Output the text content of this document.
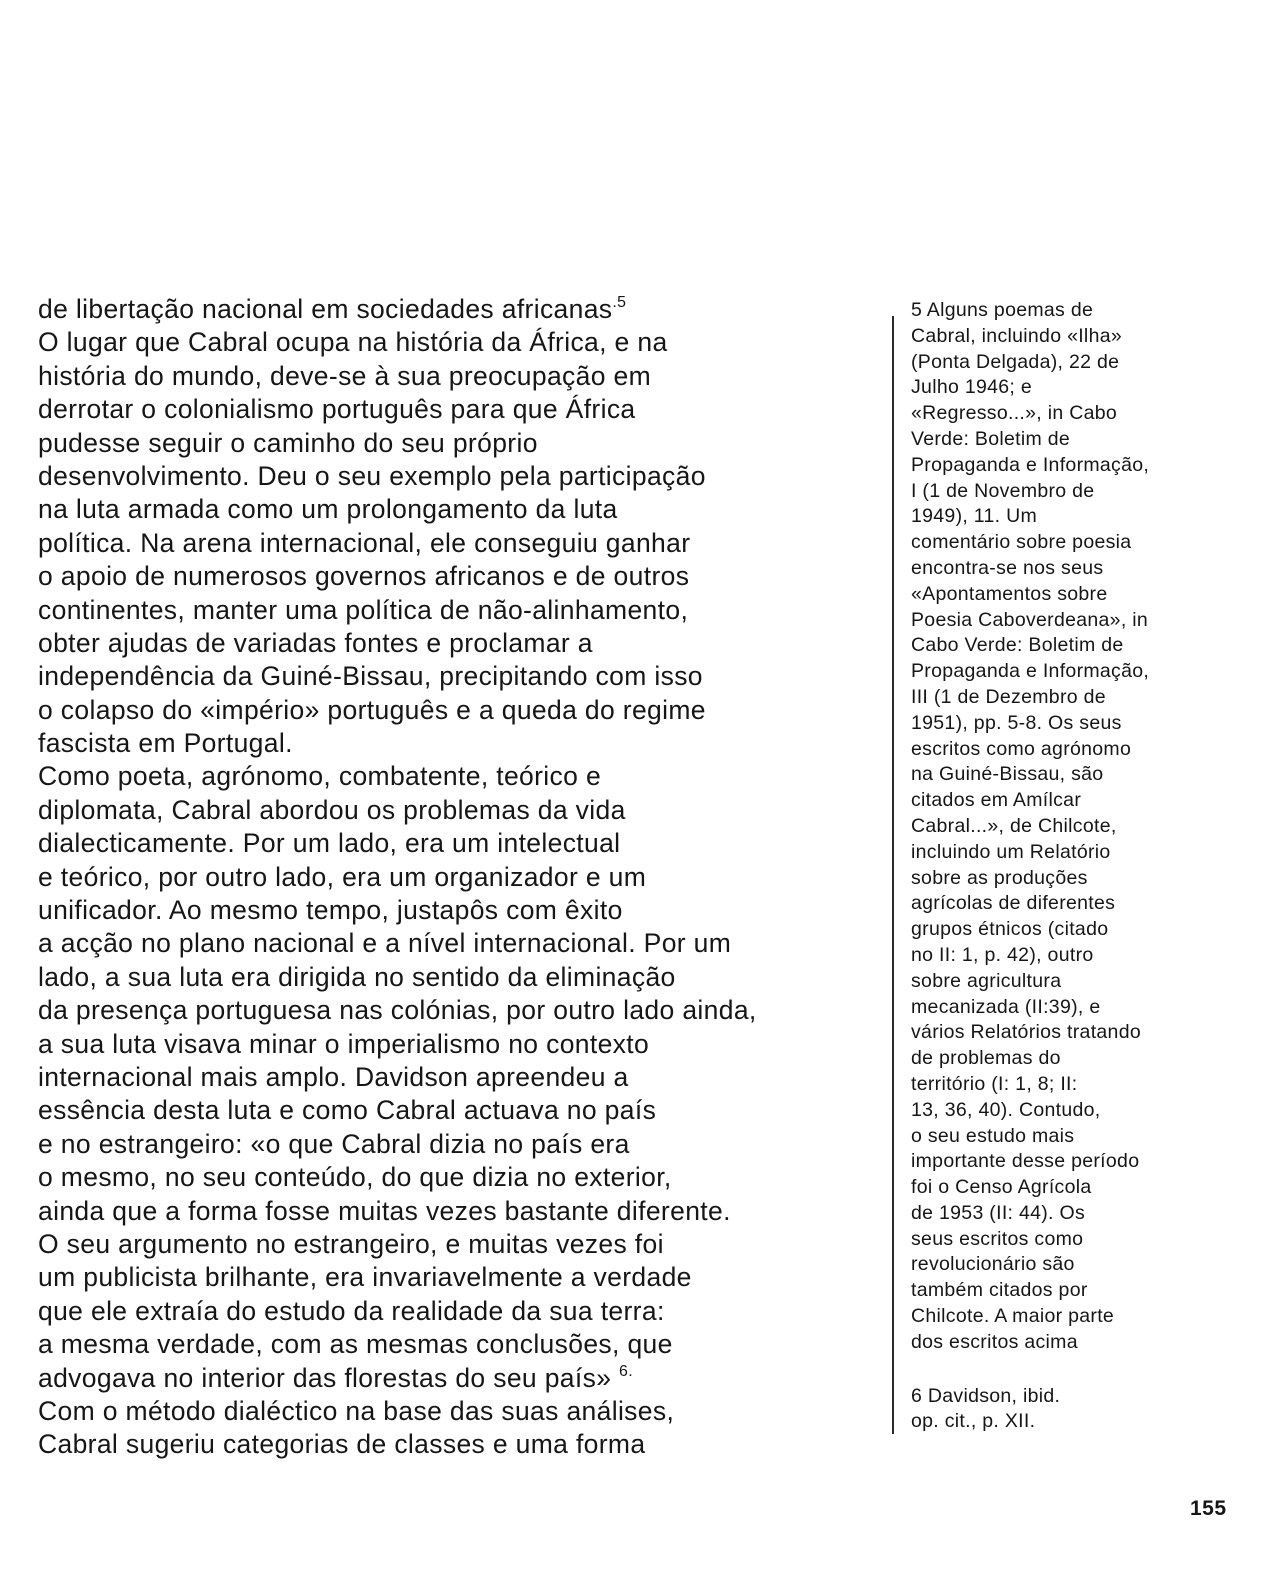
de libertação nacional em sociedades africanas$^{.5}$
O lugar que Cabral ocupa na história da África, e na
história do mundo, deve-se à sua preocupação em
derrotar o colonialismo português para que África
pudesse seguir o caminho do seu próprio
desenvolvimento. Deu o seu exemplo pela participação
na luta armada como um prolongamento da luta
política. Na arena internacional, ele conseguiu ganhar
o apoio de numerosos governos africanos e de outros
continentes, manter uma política de não-alinhamento,
obter ajudas de variadas fontes e proclamar a
independência da Guiné-Bissau, precipitando com isso
o colapso do «império» português e a queda do regime
fascista em Portugal.
Como poeta, agrónomo, combatente, teórico e
diplomata, Cabral abordou os problemas da vida
dialecticamente. Por um lado, era um intelectual
e teórico, por outro lado, era um organizador e um
unificador. Ao mesmo tempo, justapôs com êxito
a acção no plano nacional e a nível internacional. Por um
lado, a sua luta era dirigida no sentido da eliminação
da presença portuguesa nas colónias, por outro lado ainda,
a sua luta visava minar o imperialismo no contexto
internacional mais amplo. Davidson apreendeu a
essência desta luta e como Cabral actuava no país
e no estrangeiro: «o que Cabral dizia no país era
o mesmo, no seu conteúdo, do que dizia no exterior,
ainda que a forma fosse muitas vezes bastante diferente.
O seu argumento no estrangeiro, e muitas vezes foi
um publicista brilhante, era invariavelmente a verdade
que ele extraía do estudo da realidade da sua terra:
a mesma verdade, com as mesmas conclusões, que
advogava no interior das florestas do seu país» $^{6.}$
Com o método dialéctico na base das suas análises,
Cabral sugeriu categorias de classes e uma forma
5 Alguns poemas de
Cabral, incluindo «Ilha»
(Ponta Delgada), 22 de
Julho 1946; e
«Regresso...», in Cabo
Verde: Boletim de
Propaganda e Informação,
I (1 de Novembro de
1949), 11. Um
comentário sobre poesia
encontra-se nos seus
«Apontamentos sobre
Poesia Caboverdeana», in
Cabo Verde: Boletim de
Propaganda e Informação,
III (1 de Dezembro de
1951), pp. 5-8. Os seus
escritos como agrónomo
na Guiné-Bissau, são
citados em Amílcar
Cabral...», de Chilcote,
incluindo um Relatório
sobre as produções
agrícolas de diferentes
grupos étnicos (citado
no II: 1, p. 42), outro
sobre agricultura
mecanizada (II:39), e
vários Relatórios tratando
de problemas do
território (I: 1, 8; II:
13, 36, 40). Contudo,
o seu estudo mais
importante desse período
foi o Censo Agrícola
de 1953 (II: 44). Os
seus escritos como
revolucionário são
também citados por
Chilcote. A maior parte
dos escritos acima
6 Davidson, ibid.
op. cit., p. XII.
155
